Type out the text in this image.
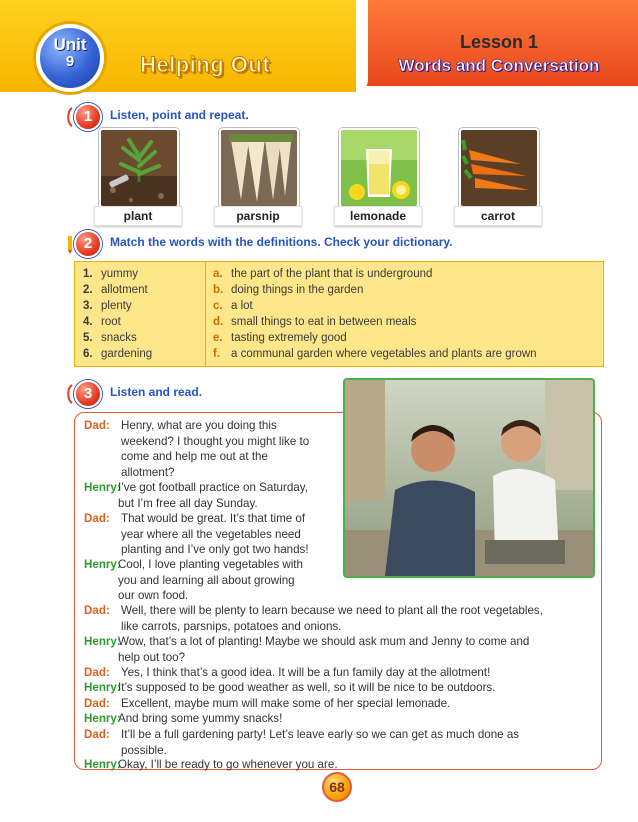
Unit
9	Helping Out
Lesson 1
Words and Conversation
1	Listen, point and repeat.
plant	parsnip	lemonade	carrot
2	Match the words with the definitions. Check your dictionary.
1. yummy
2. allotment
3. plenty
4. root
5. snacks
6. gardening
a. the part of the plant that is underground
b. doing things in the garden
c. a lot
d. small things to eat in between meals
e. tasting extremely good
f. a communal garden where vegetables and plants are grown
3	Listen and read.
Dad: Henry, what are you doing this
weekend? I thought you might like to
come and help me out at the
allotment?
Henry:
I’ve got football practice on Saturday,
but I’m free all day Sunday.
Dad: That would be great. It’s that time of
year where all the vegetables need
planting and I’ve only got two hands!
Henry:
Cool, I love planting vegetables with
you and learning all about growing
our own food.
Dad: Well, there will be plenty to learn because we need to plant all the root vegetables,
like carrots, parsnips, potatoes and onions.
Henry:
Wow, that’s a lot of planting! Maybe we should ask mum and Jenny to come and
help out too?
Dad: Yes, I think that’s a good idea. It will be a fun family day at the allotment!
Henry:
It’s supposed to be good weather as well, so it will be nice to be outdoors.
Dad: Excellent, maybe mum will make some of her special lemonade.
Henry:
And bring some yummy snacks!
Dad: It’ll be a full gardening party! Let’s leave early so we can get as much done as
possible.
Henry:
Okay, I’ll be ready to go whenever you are.
68
